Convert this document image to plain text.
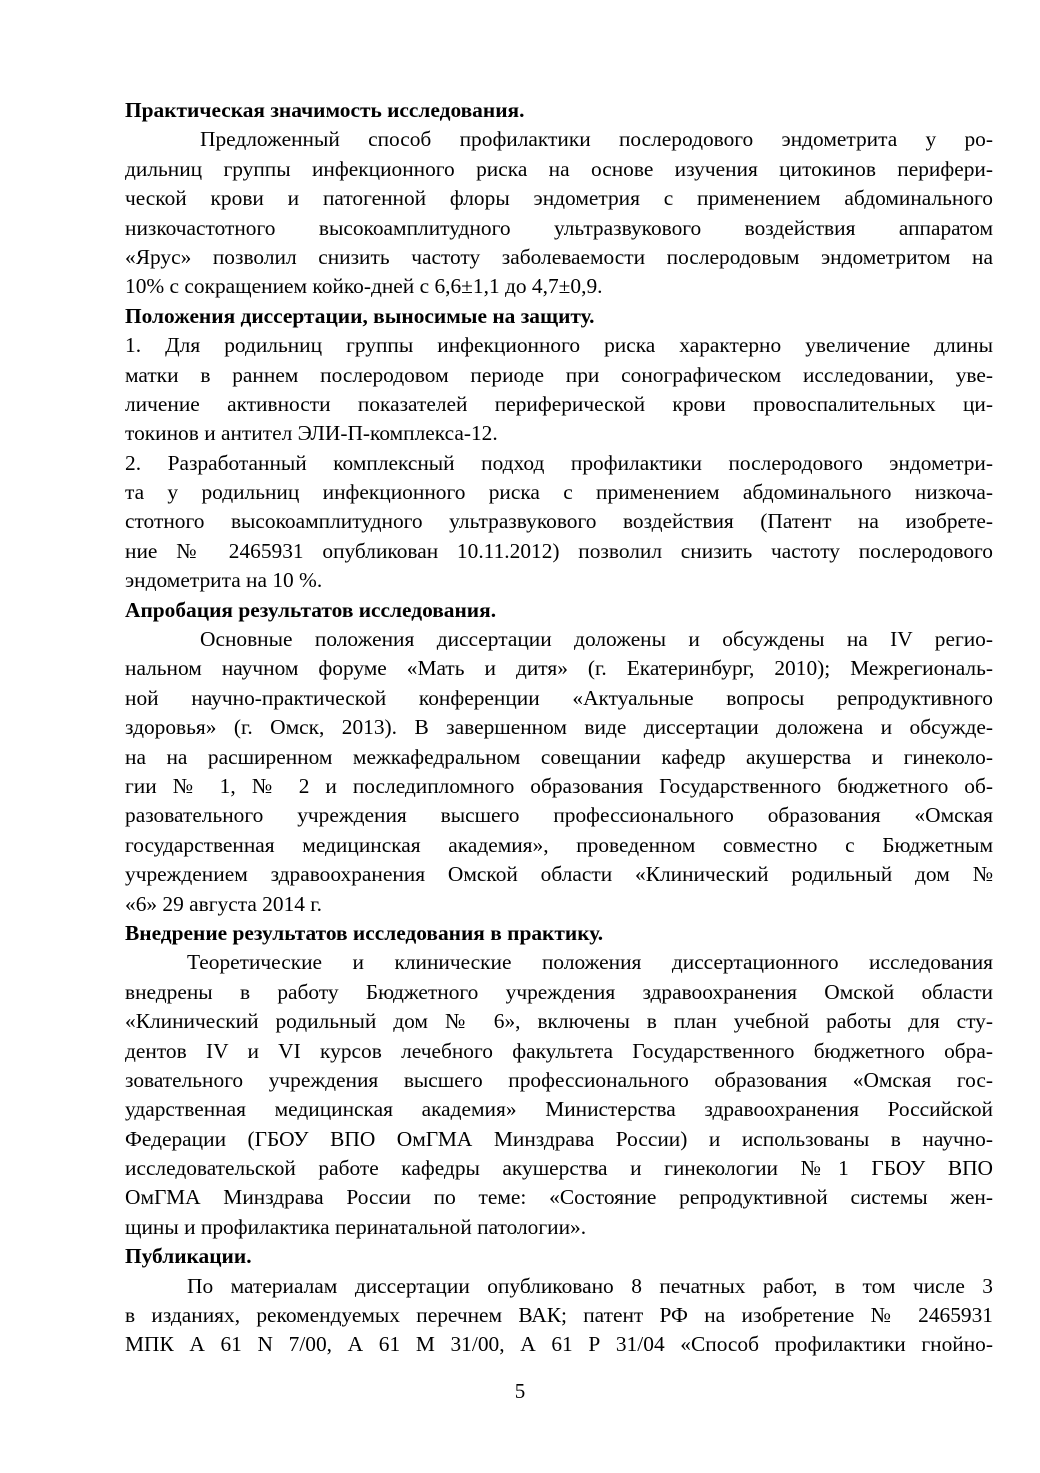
Практическая значимость исследования.
Предложенный способ профилактики послеродового эндометрита у ро-
дильниц группы инфекционного риска на основе изучения цитокинов перифери-
ческой крови и патогенной флоры эндометрия с применением абдоминального
низкочастотного высокоамплитудного ультразвукового воздействия аппаратом
«Ярус» позволил снизить частоту заболеваемости послеродовым эндометритом на
10% с сокращением койко-дней с 6,6±1,1 до 4,7±0,9.
Положения диссертации, выносимые на защиту.
1. Для родильниц группы инфекционного риска характерно увеличение длины
матки в раннем послеродовом периоде при сонографическом исследовании, уве-
личение активности показателей периферической крови провоспалительных ци-
токинов и антител ЭЛИ-П-комплекса-12.
2. Разработанный комплексный подход профилактики послеродового эндометри-
та у родильниц инфекционного риска с применением абдоминального низкоча-
стотного высокоамплитудного ультразвукового воздействия (Патент на изобрете-
ние № 2465931 опубликован 10.11.2012) позволил снизить частоту послеродового
эндометрита на 10 %.
Апробация результатов исследования.
Основные положения диссертации доложены и обсуждены на IV регио-
нальном научном форуме «Мать и дитя» (г. Екатеринбург, 2010); Межрегиональ-
ной научно-практической конференции «Актуальные вопросы репродуктивного
здоровья» (г. Омск, 2013). В завершенном виде диссертации доложена и обсужде-
на на расширенном межкафедральном совещании кафедр акушерства и гинеколо-
гии № 1, № 2 и последипломного образования Государственного бюджетного об-
разовательного учреждения высшего профессионального образования «Омская
государственная медицинская академия», проведенном совместно с Бюджетным
учреждением здравоохранения Омской области «Клинический родильный дом №
«6» 29 августа 2014 г.
Внедрение результатов исследования в практику.
Теоретические и клинические положения диссертационного исследования
внедрены в работу Бюджетного учреждения здравоохранения Омской области
«Клинический родильный дом № 6», включены в план учебной работы для сту-
дентов IV и VI курсов лечебного факультета Государственного бюджетного обра-
зовательного учреждения высшего профессионального образования «Омская гос-
ударственная медицинская академия» Министерства здравоохранения Российской
Федерации (ГБОУ ВПО ОмГМА Минздрава России) и использованы в научно-
исследовательской работе кафедры акушерства и гинекологии №1 ГБОУ ВПО
ОмГМА Минздрава России по теме: «Состояние репродуктивной системы жен-
щины и профилактика перинатальной патологии».
Публикации.
По материалам диссертации опубликовано 8 печатных работ, в том числе 3
в изданиях, рекомендуемых перечнем ВАК; патент РФ на изобретение № 2465931
МПК А 61 N 7/00, А 61 М 31/00, А 61 Р 31/04 «Способ профилактики гнойно-
5
